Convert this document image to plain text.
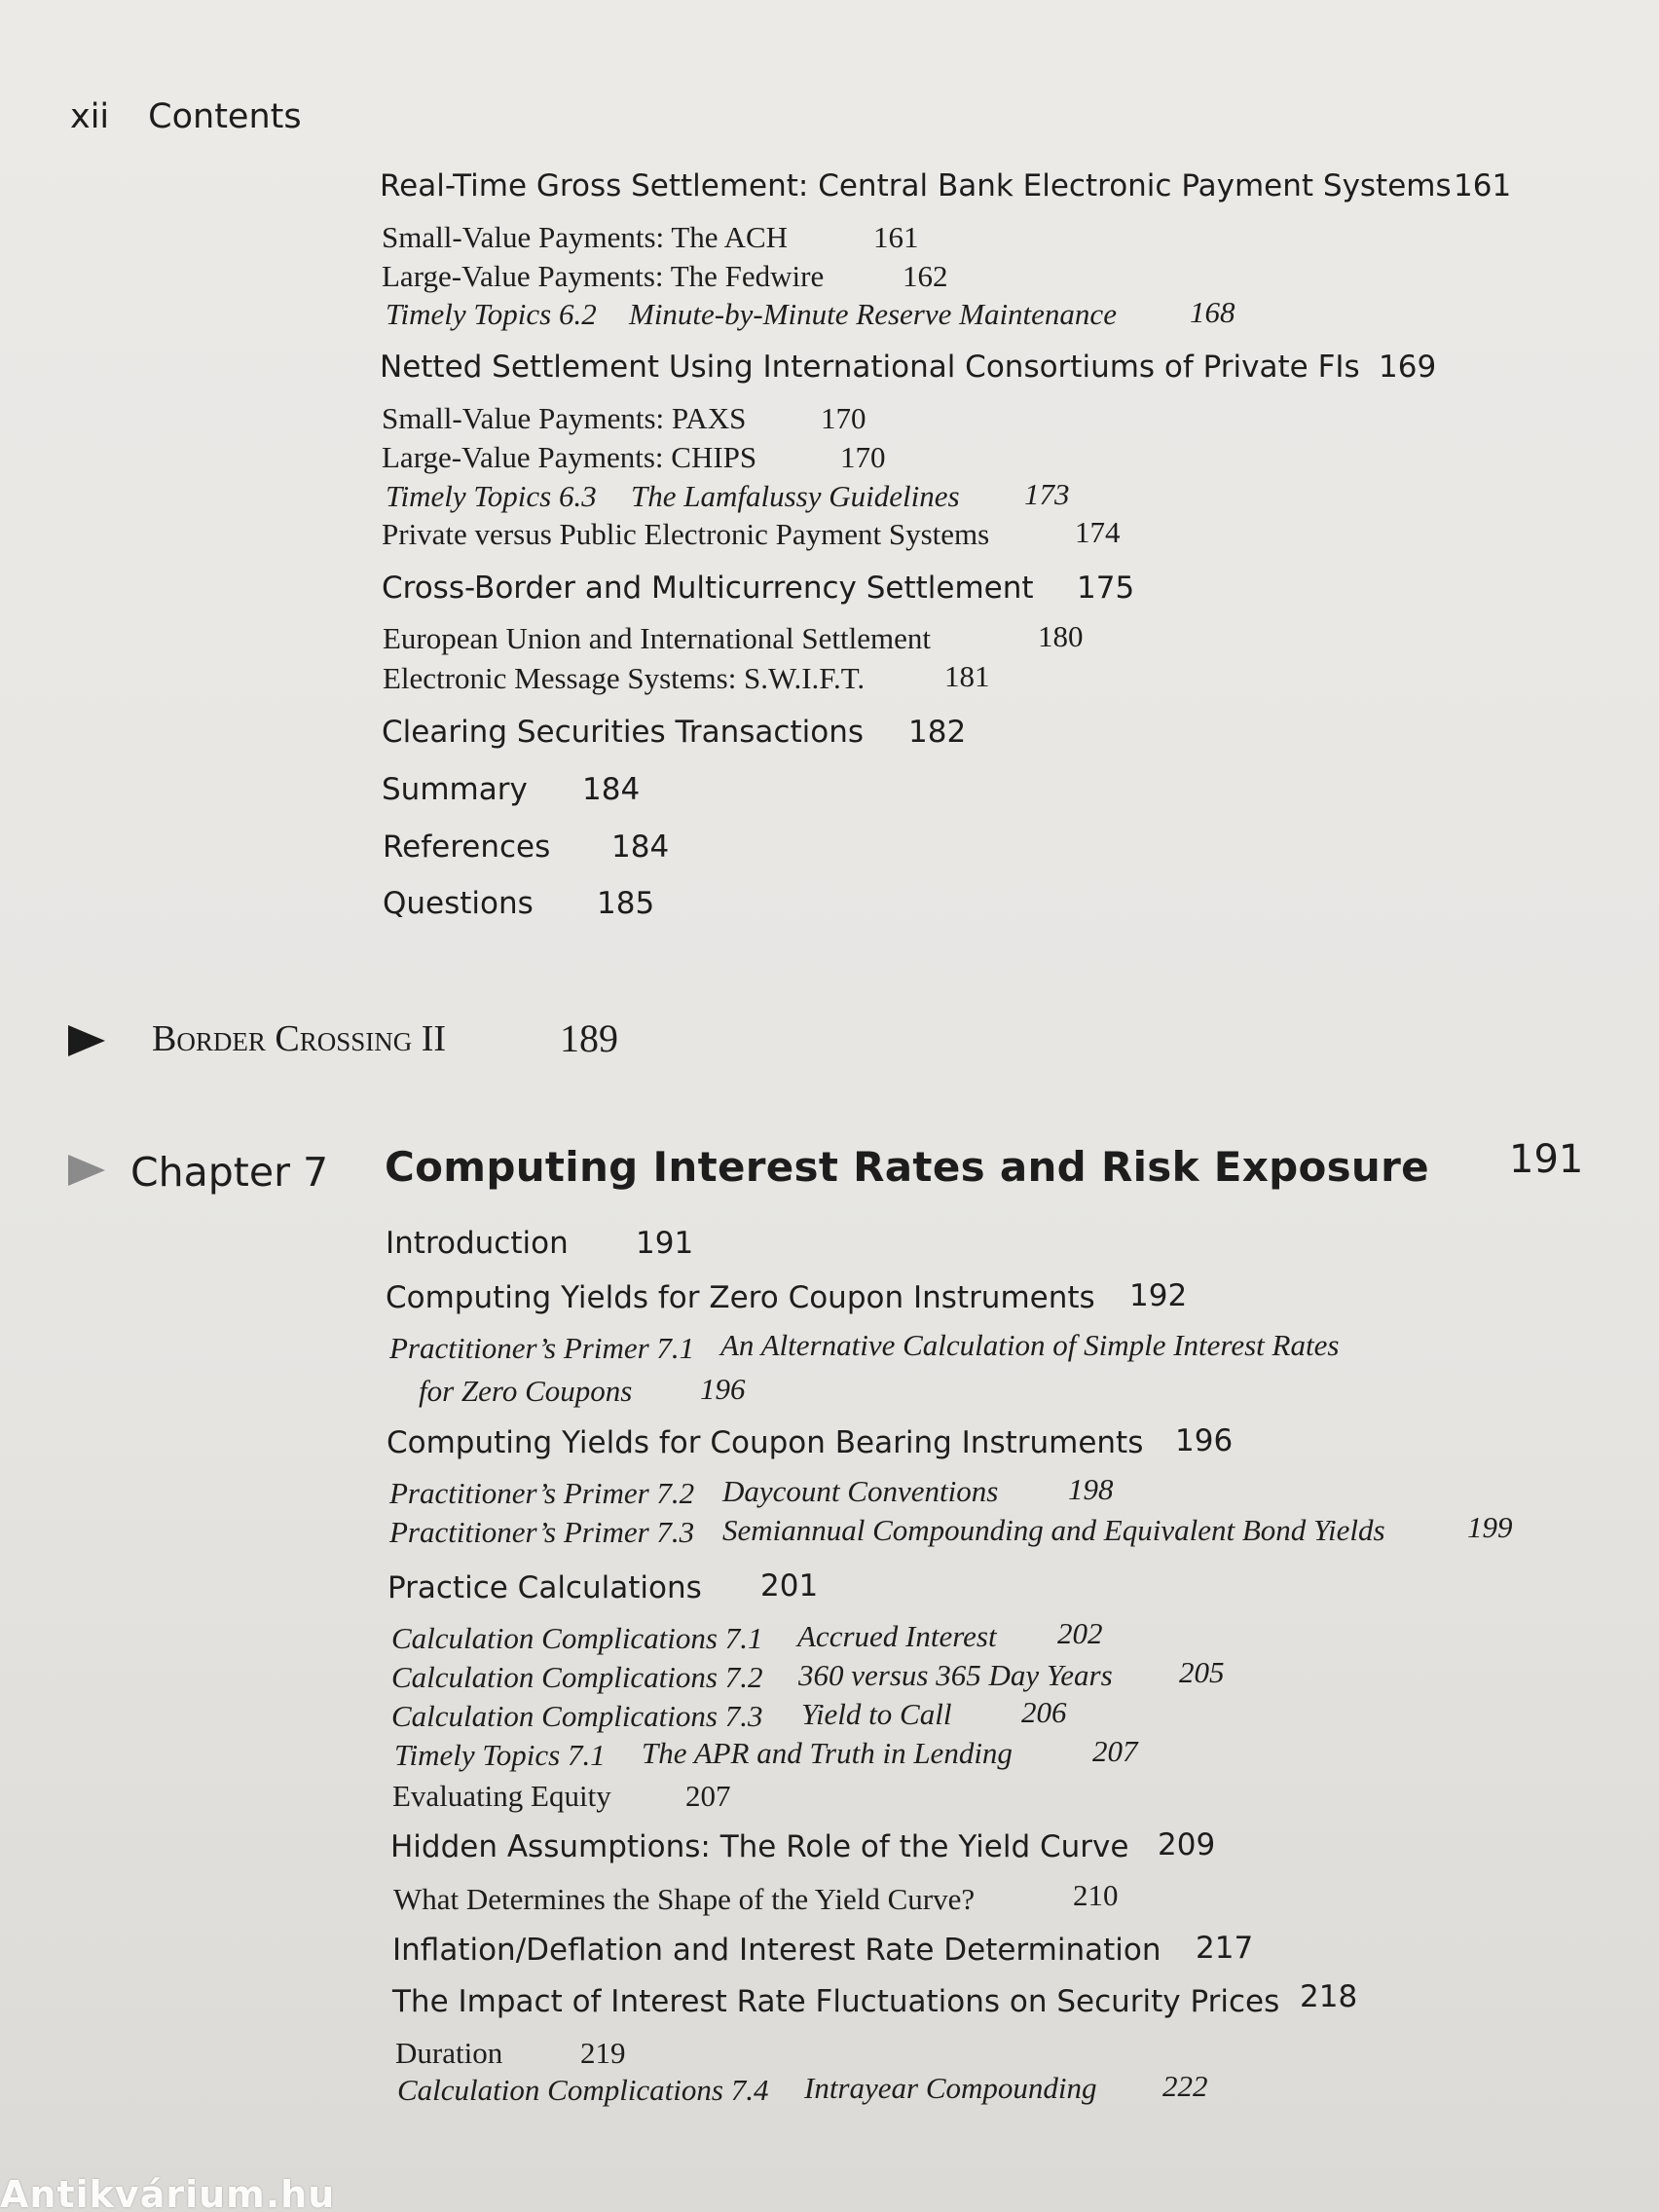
xii Contents
Real-Time Gross Settlement: Central Bank Electronic Payment Systems 161
Small-Value Payments: The ACH	161
Large-Value Payments: The Fedwire	162
Timely Topics 6.2 Minute-by-Minute Reserve Maintenance 168
Netted Settlement Using International Consortiums of Private FIs 169
Small-Value Payments: PAXS 170
Large-Value Payments: CHIPS	170
Timely Topics 6.3 The Lamfalussy Guidelines 173
Private versus Public Electronic Payment Systems	174
Cross-Border and Multicurrency Settlement 175
European Union and International Settlement	180
Electronic Message Systems: S.W.I.F.T.	181
Clearing Securities Transactions 182
Summary 184
References 184
Questions 185
Border Crossing II	189
Chapter 7 Computing Interest Rates and Risk Exposure 191
Introduction 191
Computing Yields for Zero Coupon Instruments 192
Practitioner’s Primer 7.1 An Alternative Calculation of Simple Interest Rates
for Zero Coupons 196
Computing Yields for Coupon Bearing Instruments 196
Practitioner’s Primer 7.2 Daycount Conventions 198
Practitioner’s Primer 7.3 Semiannual Compounding and Equivalent Bond Yields	199
Practice Calculations 201
Calculation Complications 7.1 Accrued Interest 202
Calculation Complications 7.2 360 versus 365 Day Years 205
Calculation Complications 7.3 Yield to Call 206
Timely Topics 7.1 The APR and Truth in Lending	207
Evaluating Equity 207
Hidden Assumptions: The Role of the Yield Curve 209
What Determines the Shape of the Yield Curve?	210
Inflation/Deflation and Interest Rate Determination 217
The Impact of Interest Rate Fluctuations on Security Prices 218
Duration	219
Calculation Complications 7.4 Intrayear Compounding 222
Antikvárium.hu
